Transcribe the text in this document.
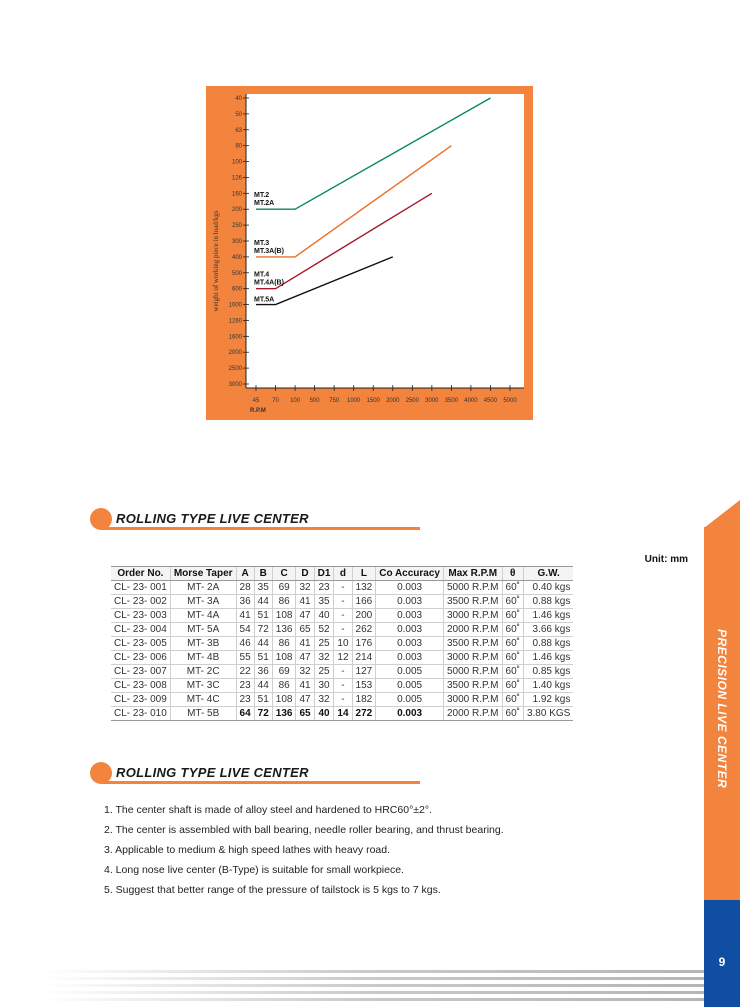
40
50
63
80
100
126
160
200
250
300
400
500
600
1000
1260
1600
2000
2500
3000
45 70 100 500 750 1000 1500 2000 2500 3000 3500 4000 4500 5000
weight of working piece in load/kgs
R.P.M
MT.2
MT.2A
MT.3
MT.3A(B)
MT.4
MT.4A(B)
MT.5A
ROLLING TYPE LIVE CENTER
Unit: mm
Order No.	Morse Taper	A	B	C	D	D1	d	L	Co Accuracy	Max R.P.M	θ	G.W.
CL- 23- 001	MT- 2A	28	35	69	32	23	-	132	0.003	5000 R.P.M	60˚	0.40 kgs
CL- 23- 002	MT- 3A	36	44	86	41	35	-	166	0.003	3500 R.P.M	60˚	0.88 kgs
CL- 23- 003	MT- 4A	41	51	108	47	40	-	200	0.003	3000 R.P.M	60˚	1.46 kgs
CL- 23- 004	MT- 5A	54	72	136	65	52	-	262	0.003	2000 R.P.M	60˚	3.66 kgs
CL- 23- 005	MT- 3B	46	44	86	41	25	10	176	0.003	3500 R.P.M	60˚	0.88 kgs
CL- 23- 006	MT- 4B	55	51	108	47	32	12	214	0.003	3000 R.P.M	60˚	1.46 kgs
CL- 23- 007	MT- 2C	22	36	69	32	25	-	127	0.005	5000 R.P.M	60˚	0.85 kgs
CL- 23- 008	MT- 3C	23	44	86	41	30	-	153	0.005	3500 R.P.M	60˚	1.40 kgs
CL- 23- 009	MT- 4C	23	51	108	47	32	-	182	0.005	3000 R.P.M	60˚	1.92 kgs
CL- 23- 010	MT- 5B	64	72	136	65	40	14	272	0.003	2000 R.P.M	60˚	3.80 KGS
ROLLING TYPE LIVE CENTER
1. The center shaft is made of alloy steel and hardened to HRC60°±2°.
2. The center is assembled with ball bearing, needle roller bearing, and thrust bearing.
3. Applicable to medium & high speed lathes with heavy road.
4. Long nose live center (B-Type) is suitable for small workpiece.
5. Suggest that better range of the pressure of tailstock is 5 kgs to 7 kgs.
PRECISION LIVE CENTER
9
